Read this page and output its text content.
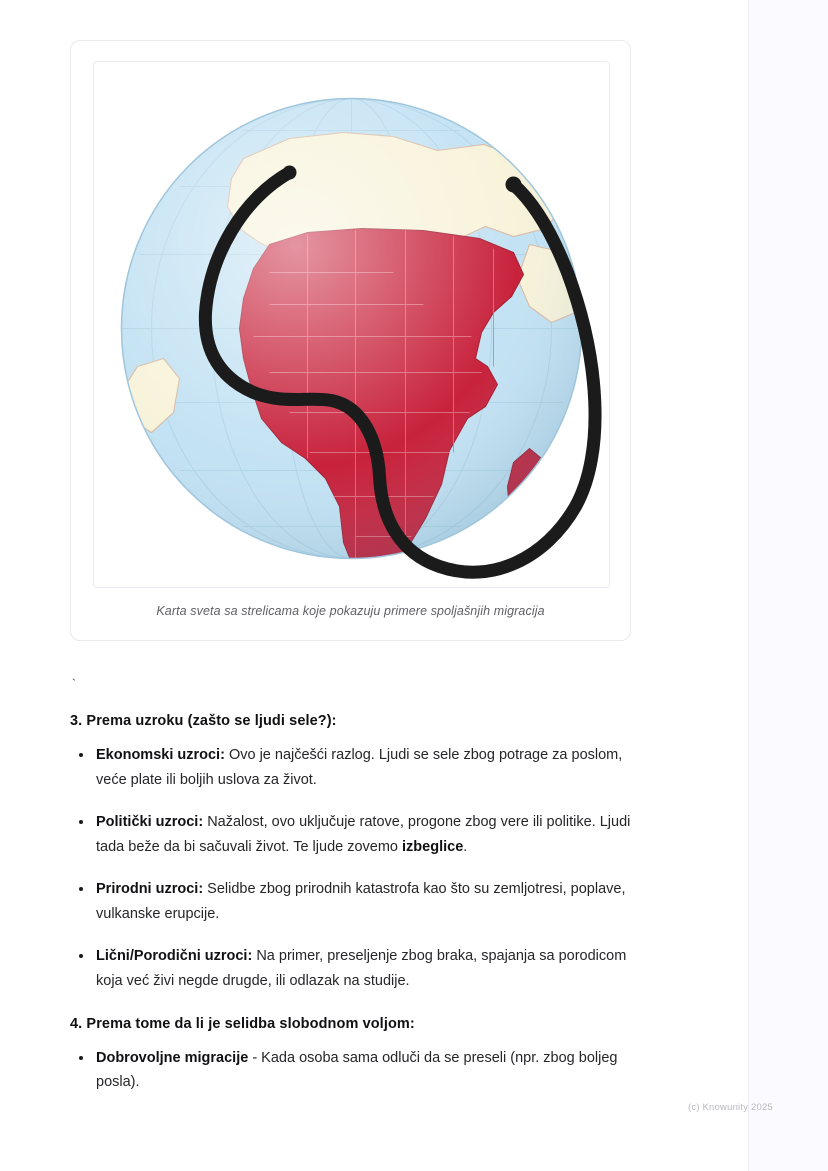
Karta sveta sa strelicama koje pokazuju primere spoljašnjih migracija
`
3. Prema uzroku (zašto se ljudi sele?):
Ekonomski uzroci: Ovo je najčešći razlog. Ljudi se sele zbog potrage za poslom, veće plate ili boljih uslova za život.
Politički uzroci: Nažalost, ovo uključuje ratove, progone zbog vere ili politike. Ljudi tada beže da bi sačuvali život. Te ljude zovemo izbeglice.
Prirodni uzroci: Selidbe zbog prirodnih katastrofa kao što su zemljotresi, poplave, vulkanske erupcije.
Lični/Porodični uzroci: Na primer, preseljenje zbog braka, spajanja sa porodicom koja već živi negde drugde, ili odlazak na studije.
4. Prema tome da li je selidba slobodnom voljom:
Dobrovoljne migracije - Kada osoba sama odluči da se preseli (npr. zbog boljeg posla).
(c) Knowunity 2025
